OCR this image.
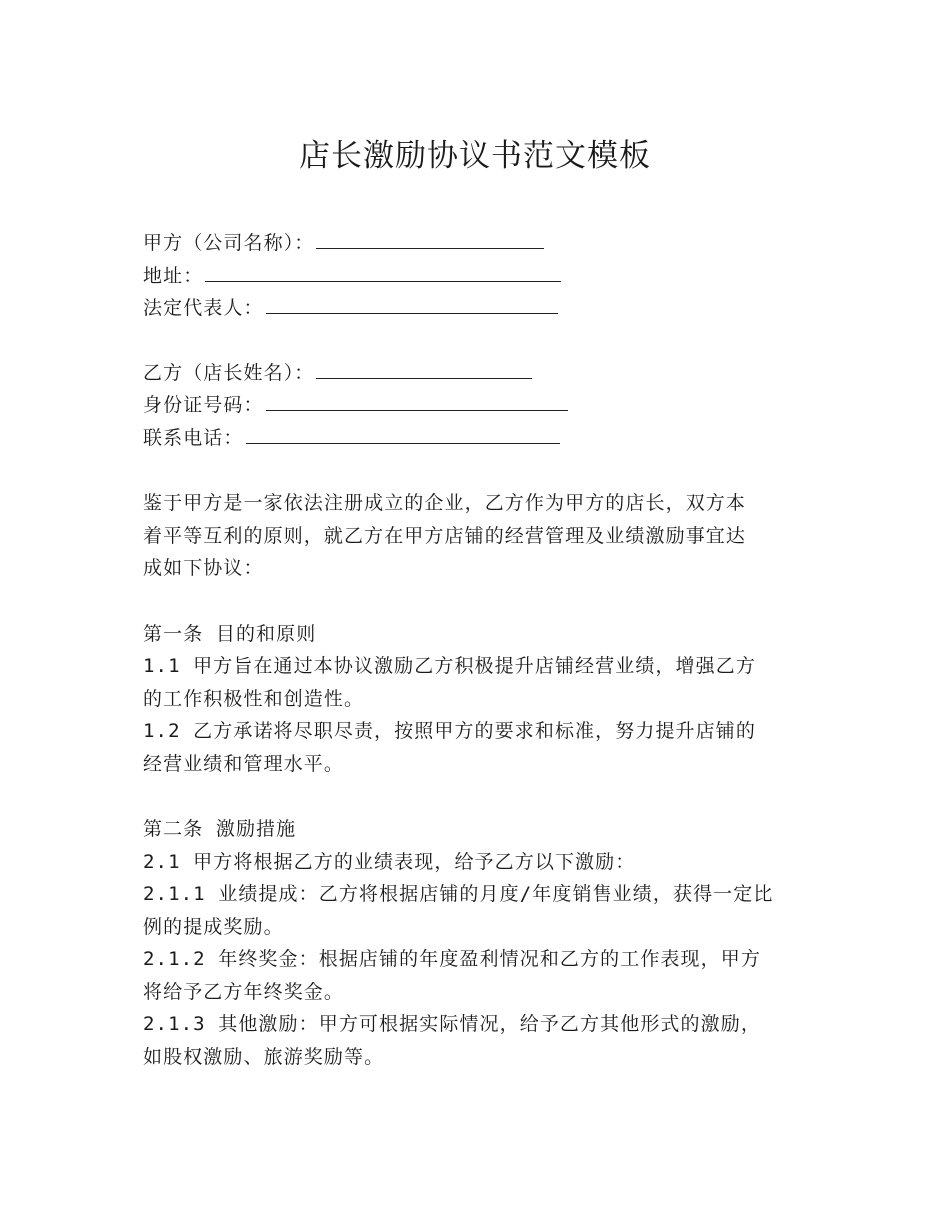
店长激励协议书范文模板
甲方（公司名称）：
地址：
法定代表人：
乙方（店长姓名）：
身份证号码：
联系电话：
鉴于甲方是一家依法注册成立的企业，乙方作为甲方的店长，双方本
着平等互利的原则，就乙方在甲方店铺的经营管理及业绩激励事宜达
成如下协议：
第一条 目的和原则
1.1 甲方旨在通过本协议激励乙方积极提升店铺经营业绩，增强乙方
的工作积极性和创造性。
1.2 乙方承诺将尽职尽责，按照甲方的要求和标准，努力提升店铺的
经营业绩和管理水平。
第二条 激励措施
2.1 甲方将根据乙方的业绩表现，给予乙方以下激励：
2.1.1 业绩提成：乙方将根据店铺的月度/年度销售业绩，获得一定比
例的提成奖励。
2.1.2 年终奖金：根据店铺的年度盈利情况和乙方的工作表现，甲方
将给予乙方年终奖金。
2.1.3 其他激励：甲方可根据实际情况，给予乙方其他形式的激励，
如股权激励、旅游奖励等。
